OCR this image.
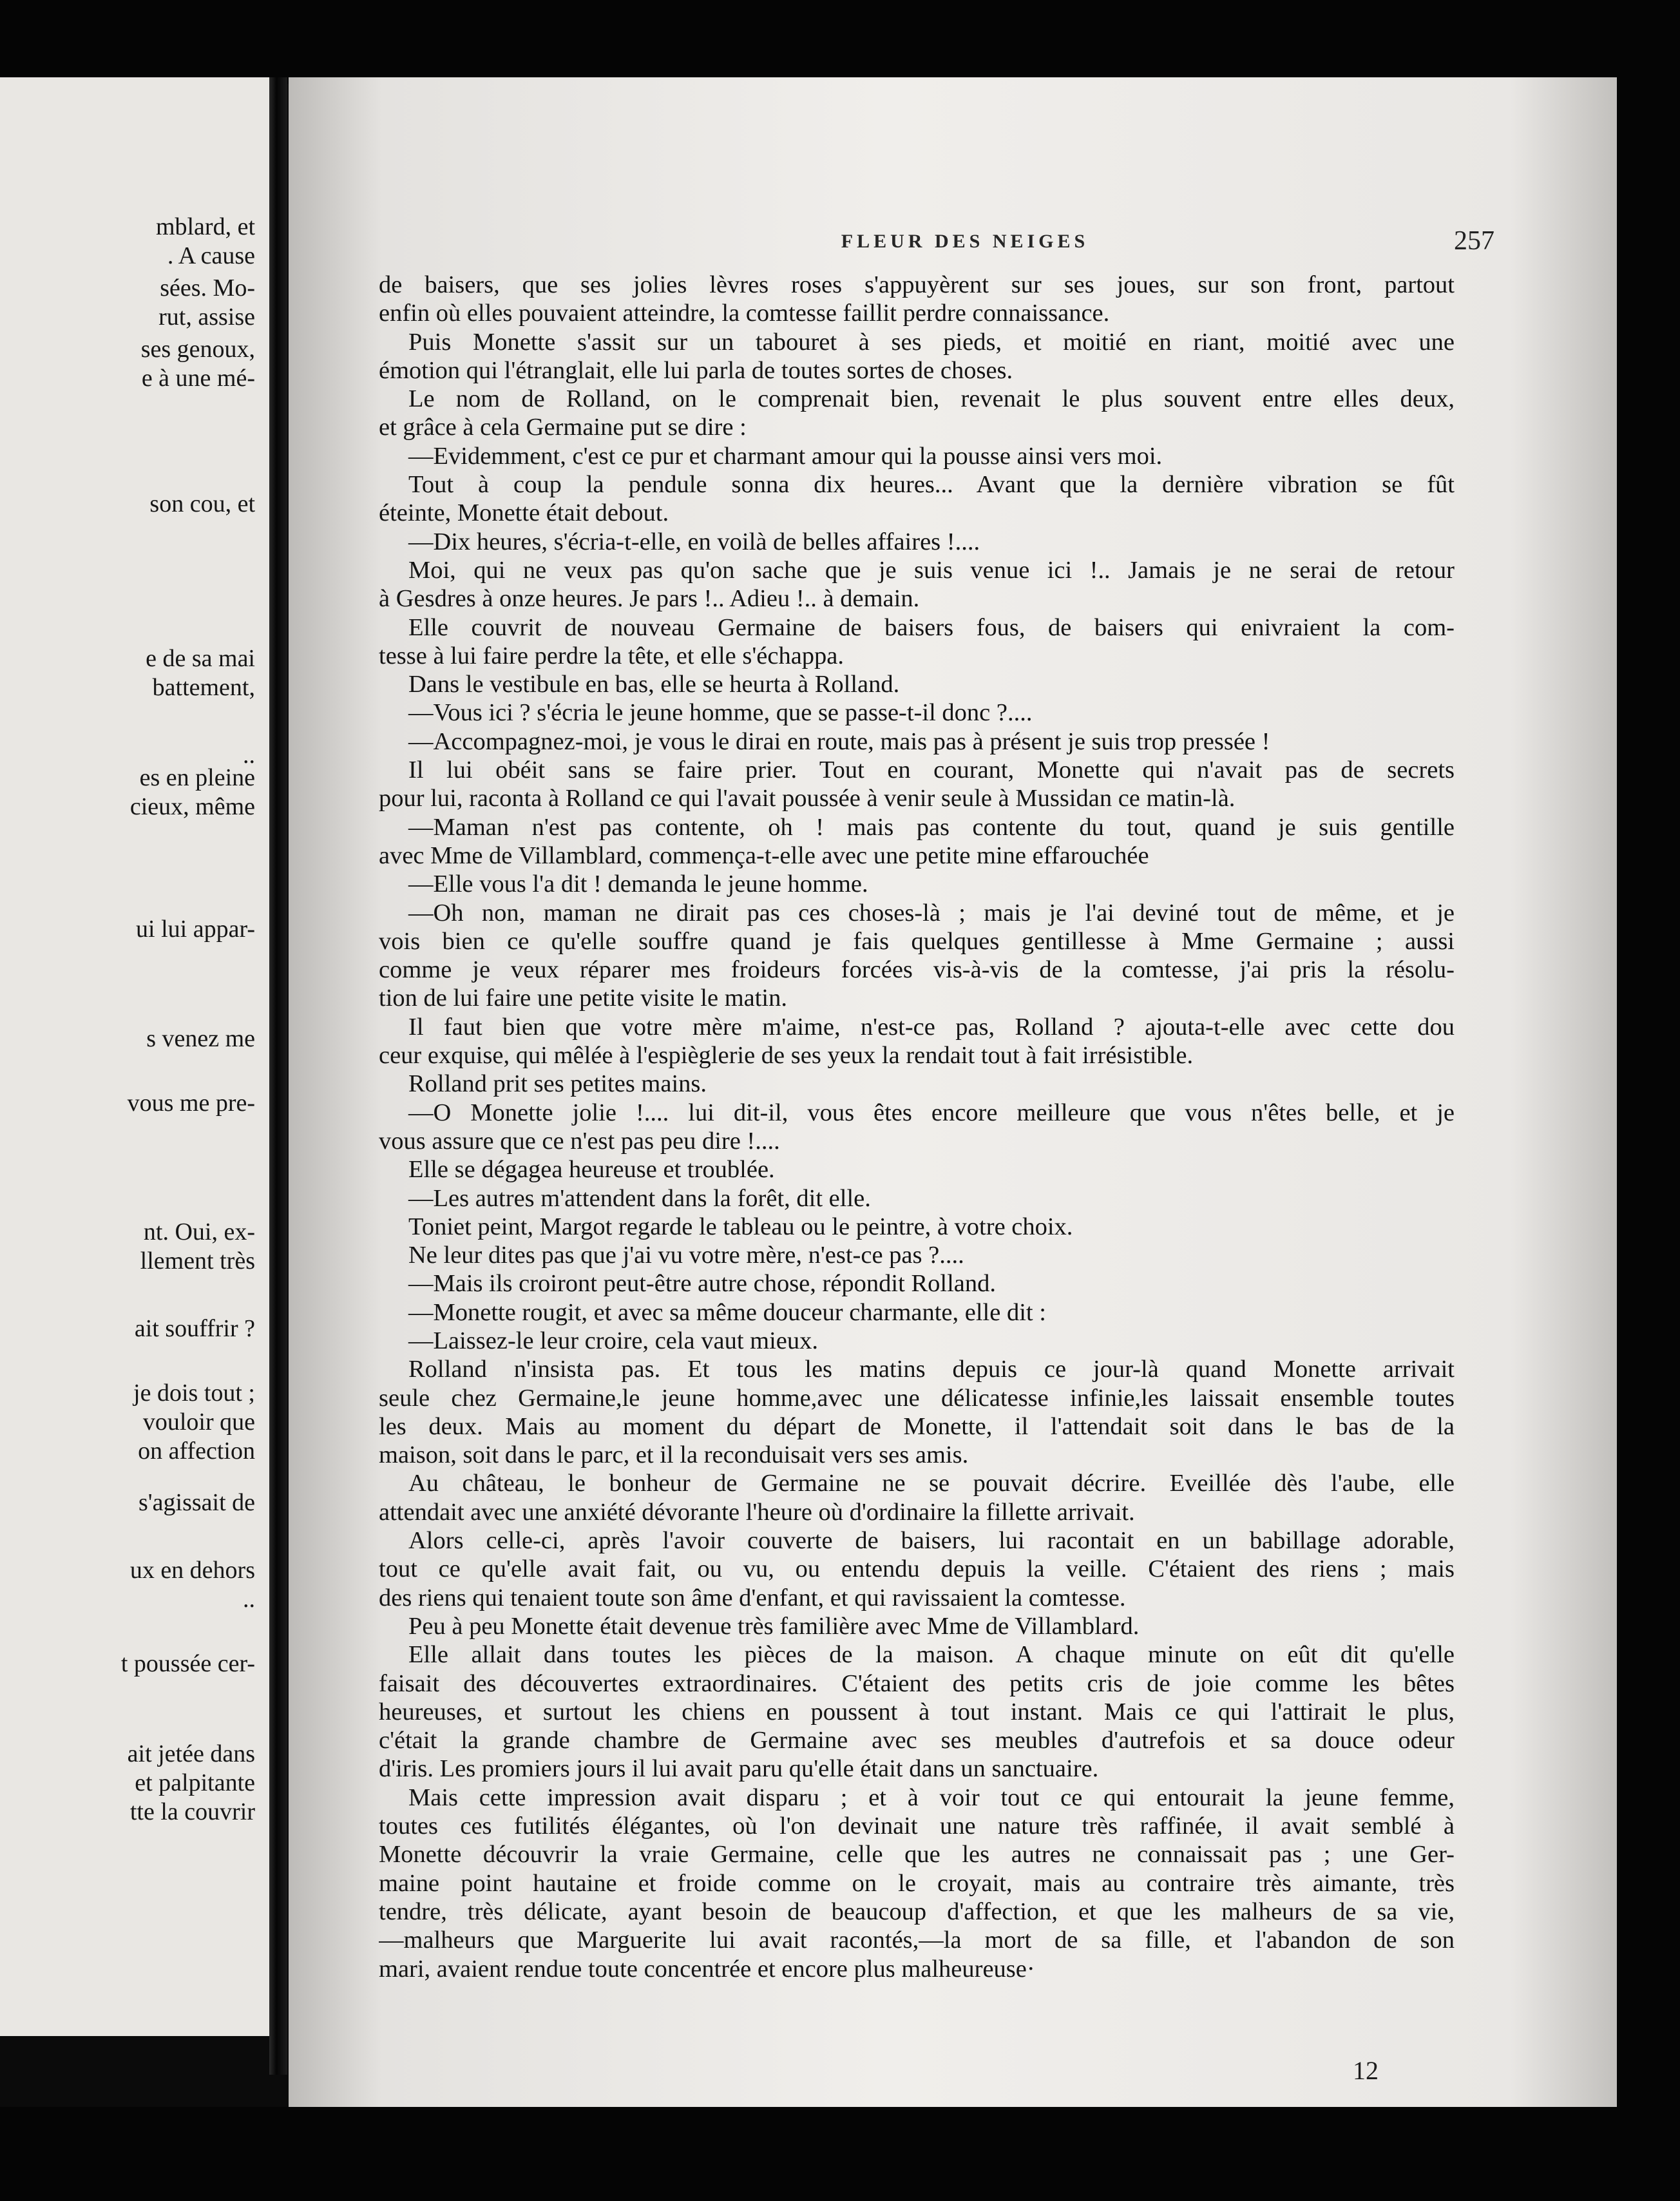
mblard, et
. A cause
sées. Mo-
rut, assise
ses genoux,
e à une mé-
son cou, et
e de sa mai
battement,
..
es en pleine
cieux, même
ui lui appar-
s venez me
vous me pre-
nt. Oui, ex-
llement très
ait souffrir ?
je dois tout ;
vouloir que
on affection
s'agissait de
ux en dehors
..
t poussée cer-
ait jetée dans
et palpitante
tte la couvrir
FLEUR DES NEIGES	257
de baisers, que ses jolies lèvres roses s'appuyèrent sur ses joues, sur son front, partout
enfin où elles pouvaient atteindre, la comtesse faillit perdre connaissance.
Puis Monette s'assit sur un tabouret à ses pieds, et moitié en riant, moitié avec une
émotion qui l'étranglait, elle lui parla de toutes sortes de choses.
Le nom de Rolland, on le comprenait bien, revenait le plus souvent entre elles deux,
et grâce à cela Germaine put se dire :
—Evidemment, c'est ce pur et charmant amour qui la pousse ainsi vers moi.
Tout à coup la pendule sonna dix heures... Avant que la dernière vibration se fût
éteinte, Monette était debout.
—Dix heures, s'écria-t-elle, en voilà de belles affaires !....
Moi, qui ne veux pas qu'on sache que je suis venue ici !.. Jamais je ne serai de retour
à Gesdres à onze heures. Je pars !.. Adieu !.. à demain.
Elle couvrit de nouveau Germaine de baisers fous, de baisers qui enivraient la com-
tesse à lui faire perdre la tête, et elle s'échappa.
Dans le vestibule en bas, elle se heurta à Rolland.
—Vous ici ? s'écria le jeune homme, que se passe-t-il donc ?....
—Accompagnez-moi, je vous le dirai en route, mais pas à présent je suis trop pressée !
Il lui obéit sans se faire prier. Tout en courant, Monette qui n'avait pas de secrets
pour lui, raconta à Rolland ce qui l'avait poussée à venir seule à Mussidan ce matin-là.
—Maman n'est pas contente, oh ! mais pas contente du tout, quand je suis gentille
avec Mme de Villamblard, commença-t-elle avec une petite mine effarouchée
—Elle vous l'a dit ! demanda le jeune homme.
—Oh non, maman ne dirait pas ces choses-là ; mais je l'ai deviné tout de même, et je
vois bien ce qu'elle souffre quand je fais quelques gentillesse à Mme Germaine ; aussi
comme je veux réparer mes froideurs forcées vis-à-vis de la comtesse, j'ai pris la résolu-
tion de lui faire une petite visite le matin.
Il faut bien que votre mère m'aime, n'est-ce pas, Rolland ? ajouta-t-elle avec cette dou
ceur exquise, qui mêlée à l'espièglerie de ses yeux la rendait tout à fait irrésistible.
Rolland prit ses petites mains.
—O Monette jolie !.... lui dit-il, vous êtes encore meilleure que vous n'êtes belle, et je
vous assure que ce n'est pas peu dire !....
Elle se dégagea heureuse et troublée.
—Les autres m'attendent dans la forêt, dit elle.
Toniet peint, Margot regarde le tableau ou le peintre, à votre choix.
Ne leur dites pas que j'ai vu votre mère, n'est-ce pas ?....
—Mais ils croiront peut-être autre chose, répondit Rolland.
—Monette rougit, et avec sa même douceur charmante, elle dit :
—Laissez-le leur croire, cela vaut mieux.
Rolland n'insista pas. Et tous les matins depuis ce jour-là quand Monette arrivait
seule chez Germaine,le jeune homme,avec une délicatesse infinie,les laissait ensemble toutes
les deux. Mais au moment du départ de Monette, il l'attendait soit dans le bas de la
maison, soit dans le parc, et il la reconduisait vers ses amis.
Au château, le bonheur de Germaine ne se pouvait décrire. Eveillée dès l'aube, elle
attendait avec une anxiété dévorante l'heure où d'ordinaire la fillette arrivait.
Alors celle-ci, après l'avoir couverte de baisers, lui racontait en un babillage adorable,
tout ce qu'elle avait fait, ou vu, ou entendu depuis la veille. C'étaient des riens ; mais
des riens qui tenaient toute son âme d'enfant, et qui ravissaient la comtesse.
Peu à peu Monette était devenue très familière avec Mme de Villamblard.
Elle allait dans toutes les pièces de la maison. A chaque minute on eût dit qu'elle
faisait des découvertes extraordinaires. C'étaient des petits cris de joie comme les bêtes
heureuses, et surtout les chiens en poussent à tout instant. Mais ce qui l'attirait le plus,
c'était la grande chambre de Germaine avec ses meubles d'autrefois et sa douce odeur
d'iris. Les promiers jours il lui avait paru qu'elle était dans un sanctuaire.
Mais cette impression avait disparu ; et à voir tout ce qui entourait la jeune femme,
toutes ces futilités élégantes, où l'on devinait une nature très raffinée, il avait semblé à
Monette découvrir la vraie Germaine, celle que les autres ne connaissait pas ; une Ger-
maine point hautaine et froide comme on le croyait, mais au contraire très aimante, très
tendre, très délicate, ayant besoin de beaucoup d'affection, et que les malheurs de sa vie,
—malheurs que Marguerite lui avait racontés,—la mort de sa fille, et l'abandon de son
mari, avaient rendue toute concentrée et encore plus malheureuse·
12
